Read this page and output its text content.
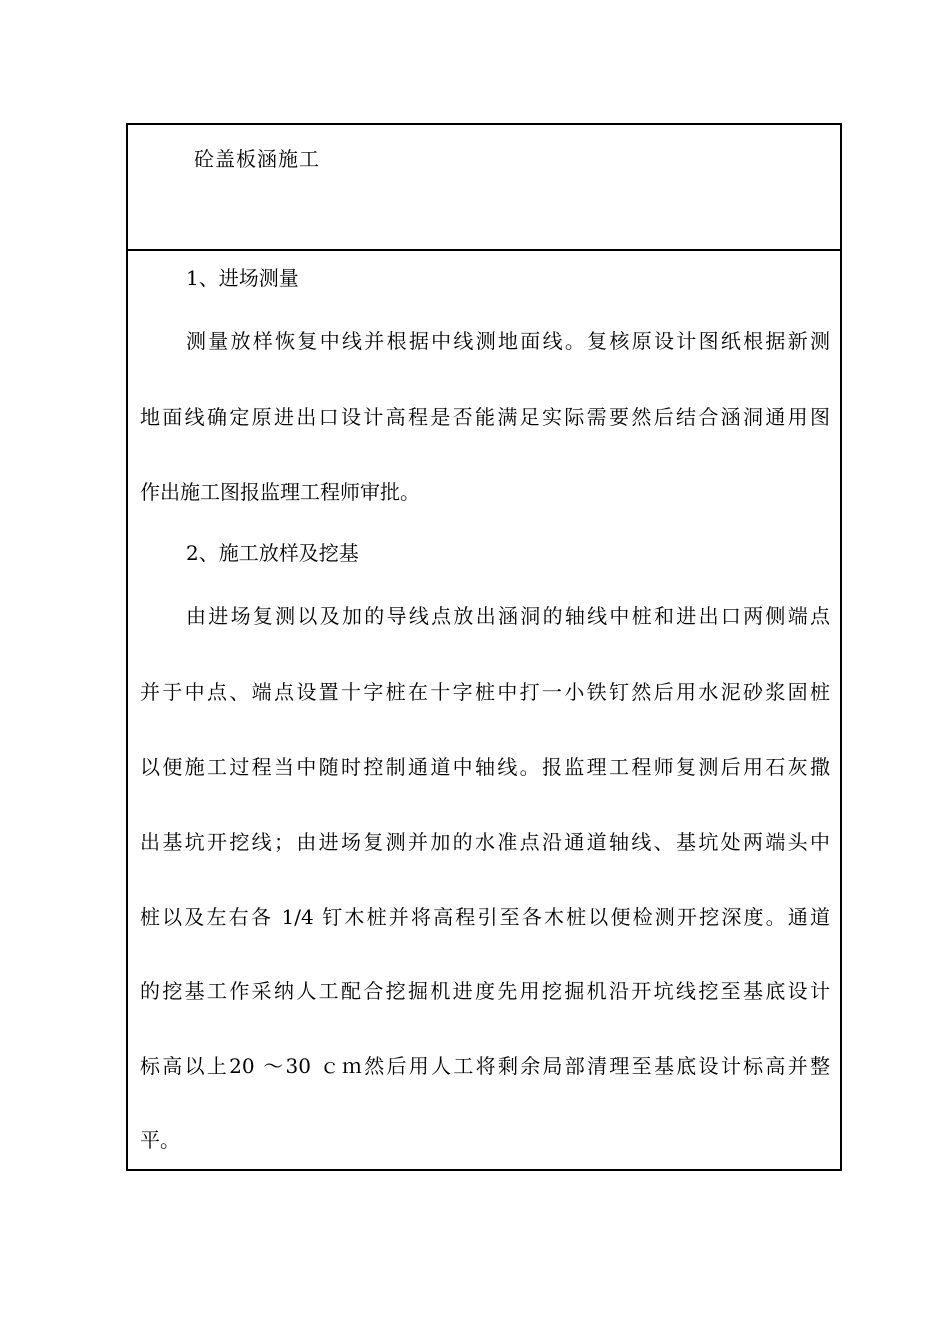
砼盖板涵施工
1、进场测量
测量放样恢复中线并根据中线测地面线。复核原设计图纸根据新测
地面线确定原进出口设计高程是否能满足实际需要然后结合涵洞通用图
作出施工图报监理工程师审批。
2、施工放样及挖基
由进场复测以及加的导线点放出涵洞的轴线中桩和进出口两侧端点
并于中点、端点设置十字桩在十字桩中打一小铁钉然后用水泥砂浆固桩
以便施工过程当中随时控制通道中轴线。报监理工程师复测后用石灰撒
出基坑开挖线；由进场复测并加的水准点沿通道轴线、基坑处两端头中
桩以及左右各 1/4 钉木桩并将高程引至各木桩以便检测开挖深度。通道
的挖基工作采纳人工配合挖掘机进度先用挖掘机沿开坑线挖至基底设计
标高以上20 ～30 ｃｍ然后用人工将剩余局部清理至基底设计标高并整
平。
